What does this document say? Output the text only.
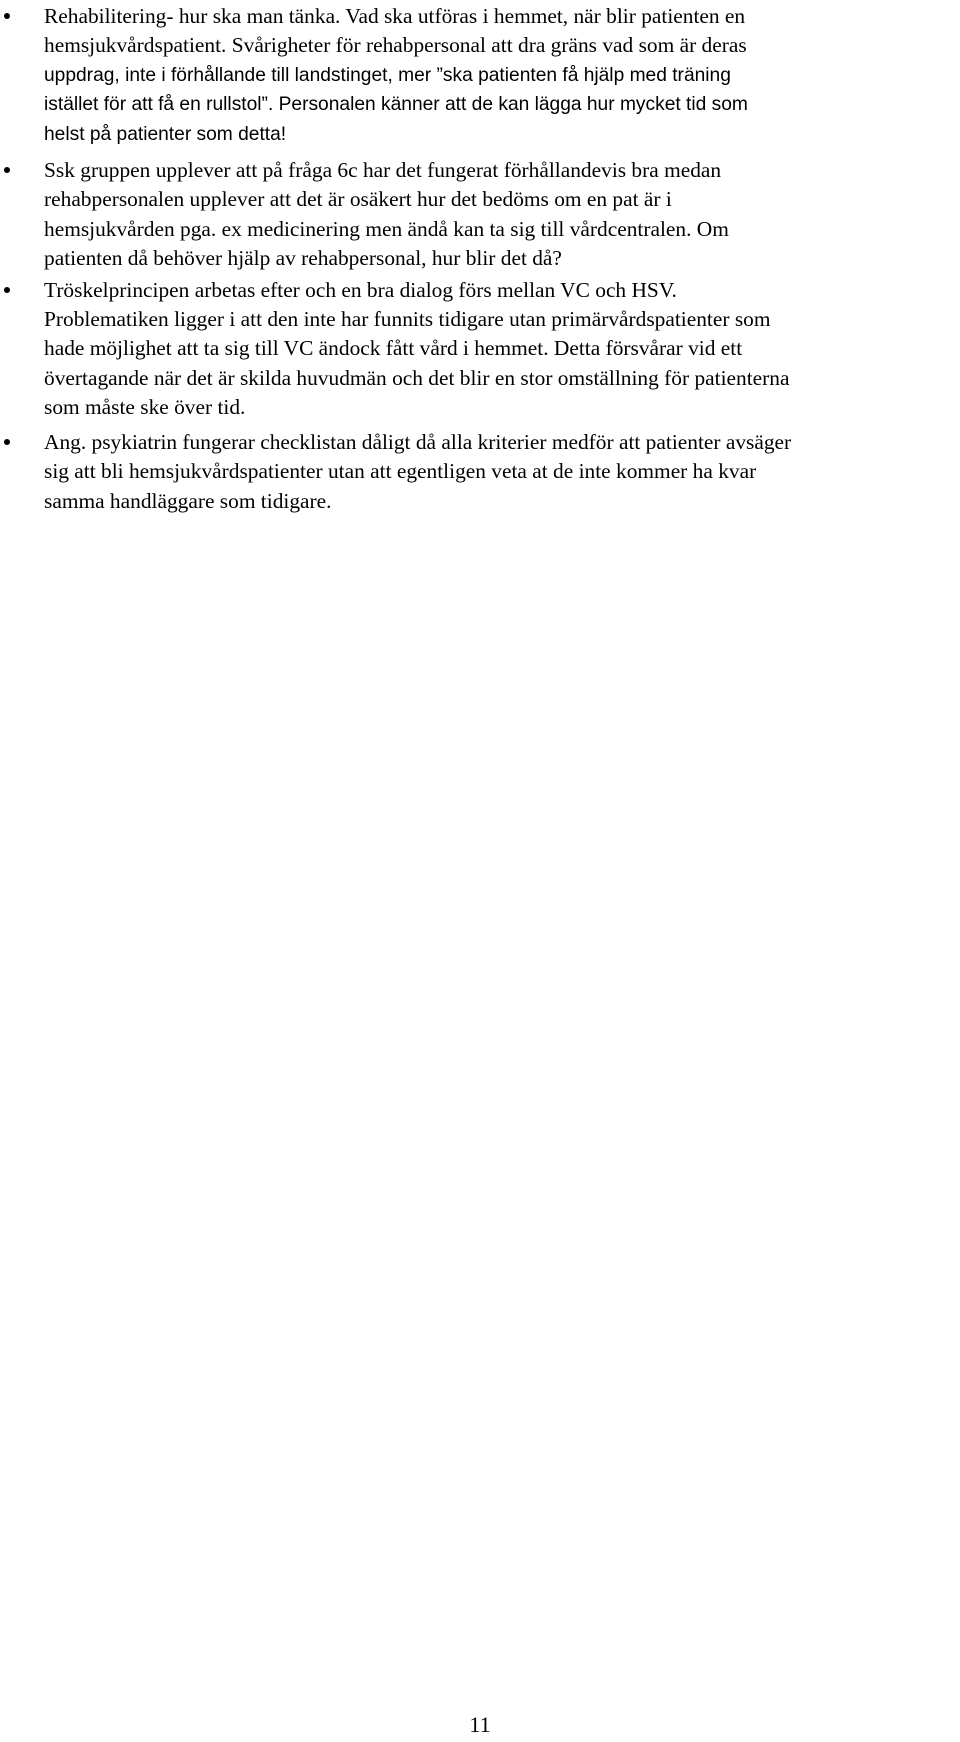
Rehabilitering- hur ska man tänka. Vad ska utföras i hemmet, när blir patienten en
hemsjukvårdspatient. Svårigheter för rehabpersonal att dra gräns vad som är deras
uppdrag, inte i förhållande till landstinget, mer ”ska patienten få hjälp med träning
istället för att få en rullstol”. Personalen känner att de kan lägga hur mycket tid som
helst på patienter som detta!
Ssk gruppen upplever att på fråga 6c har det fungerat förhållandevis bra medan
rehabpersonalen upplever att det är osäkert hur det bedöms om en pat är i
hemsjukvården pga. ex medicinering men ändå kan ta sig till vårdcentralen. Om
patienten då behöver hjälp av rehabpersonal, hur blir det då?
Tröskelprincipen arbetas efter och en bra dialog förs mellan VC och HSV.
Problematiken ligger i att den inte har funnits tidigare utan primärvårdspatienter som
hade möjlighet att ta sig till VC ändock fått vård i hemmet. Detta försvårar vid ett
övertagande när det är skilda huvudmän och det blir en stor omställning för patienterna
som måste ske över tid.
Ang. psykiatrin fungerar checklistan dåligt då alla kriterier medför att patienter avsäger
sig att bli hemsjukvårdspatienter utan att egentligen veta at de inte kommer ha kvar
samma handläggare som tidigare.
11
